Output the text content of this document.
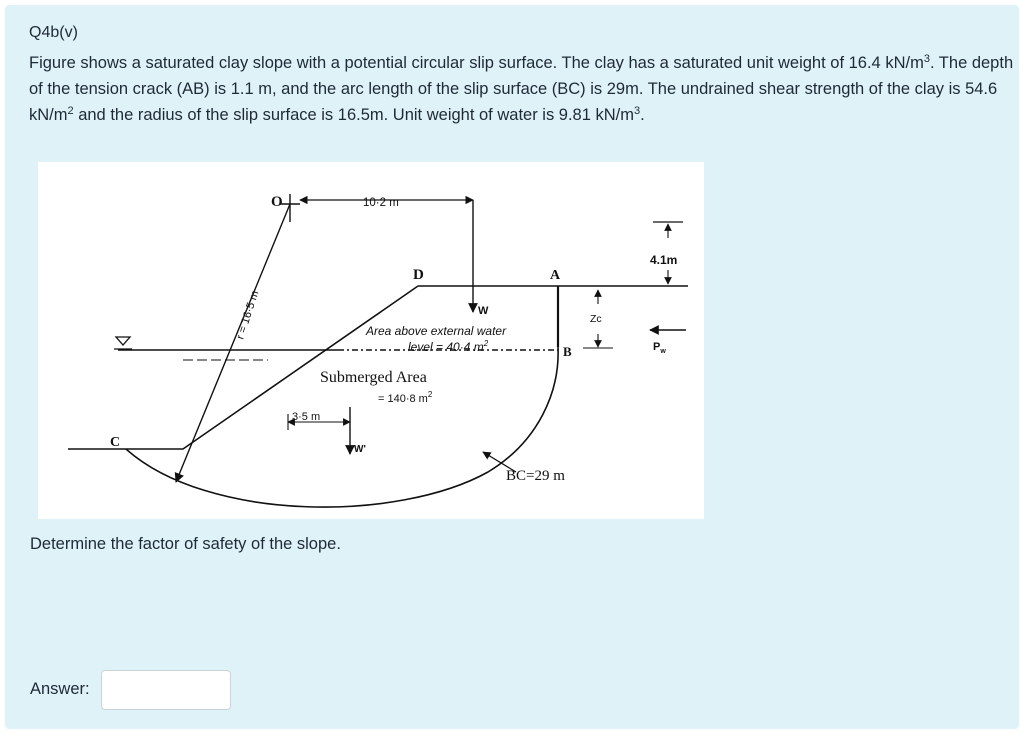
Q4b(v)

Figure shows a saturated clay slope with a potential circular slip surface. The clay has a saturated unit weight of 16.4 $kN/m^3$. The depth of the tension crack (AB) is 1.1 m, and the arc length of the slip surface (BC) is 29m. The undrained shear strength of the clay is 54.6 $kN/m^2$ and the radius of the slip surface is 16.5m. Unit weight of water is 9.81 $kN/m^3$.

O	10·2 m
D	A
B
C
r = 16·5 m	W
Area above external water
level = 40·4 $m^2$
Submerged Area
= 140·8 $m^2$
3·5 m
W'
Zc
4.1m
$P_w$
BC=29 m
Determine the factor of safety of the slope.
Answer:
